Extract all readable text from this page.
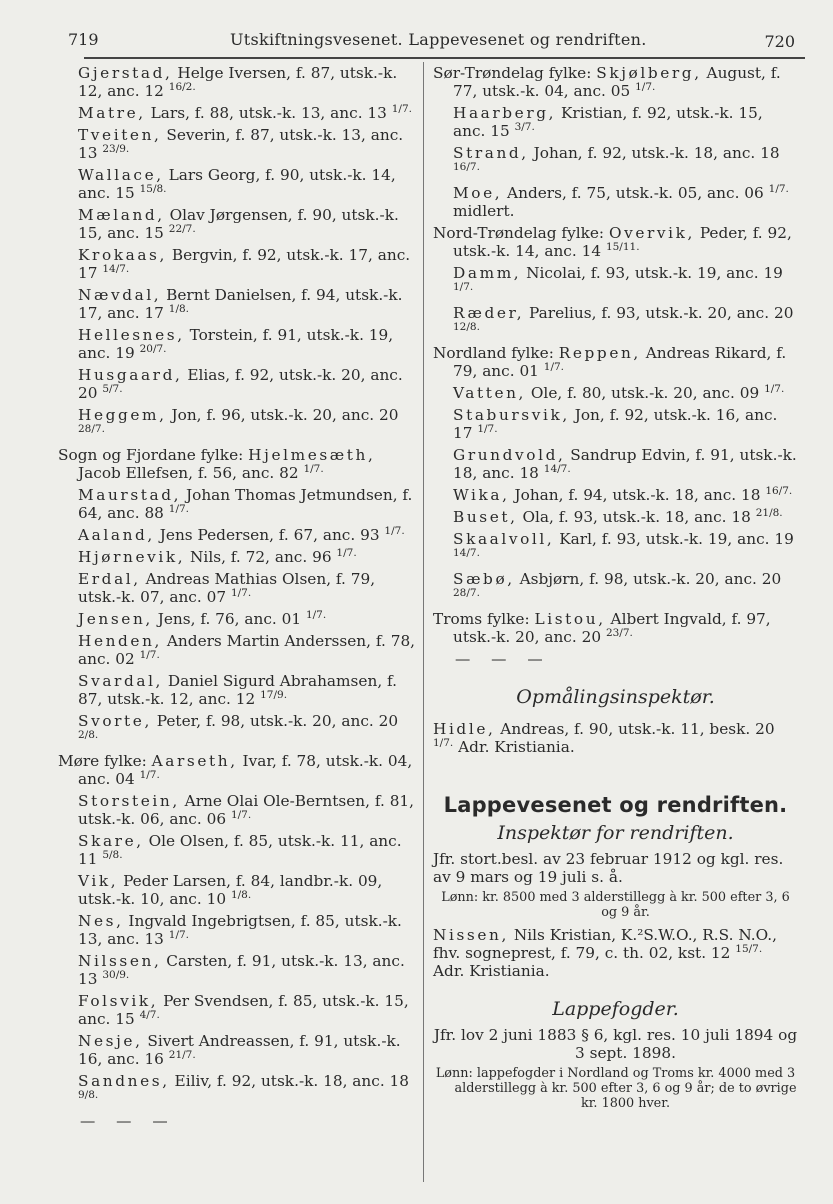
719	Utskiftningsvesenet. Lappevesenet og rendriften.	720
Gjerstad, Helge Iversen, f. 87, utsk.-k. 12, anc. 12 $^{16/2.}$
Matre, Lars, f. 88, utsk.-k. 13, anc. 13 $^{1/7.}$
Tveiten, Severin, f. 87, utsk.-k. 13, anc. 13 $^{23/9.}$
Wallace, Lars Georg, f. 90, utsk.-k. 14, anc. 15 $^{15/8.}$
Mæland, Olav Jørgensen, f. 90, utsk.-k. 15, anc. 15 $^{22/7.}$
Krokaas, Bergvin, f. 92, utsk.-k. 17, anc. 17 $^{14/7.}$
Nævdal, Bernt Danielsen, f. 94, utsk.-k. 17, anc. 17 $^{1/8.}$
Hellesnes, Torstein, f. 91, utsk.-k. 19, anc. 19 $^{20/7.}$
Husgaard, Elias, f. 92, utsk.-k. 20, anc. 20 $^{5/7.}$
Heggem, Jon, f. 96, utsk.-k. 20, anc. 20 $^{28/7.}$
Sogn og Fjordane fylke: Hjelmesæth, Jacob Ellefsen, f. 56, anc. 82 $^{1/7.}$
Maurstad, Johan Thomas Jetmundsen, f. 64, anc. 88 $^{1/7.}$
Aaland, Jens Pedersen, f. 67, anc. 93 $^{1/7.}$
Hjørnevik, Nils, f. 72, anc. 96 $^{1/7.}$
Erdal, Andreas Mathias Olsen, f. 79, utsk.-k. 07, anc. 07 $^{1/7.}$
Jensen, Jens, f. 76, anc. 01 $^{1/7.}$
Henden, Anders Martin Anderssen, f. 78, anc. 02 $^{1/7.}$
Svardal, Daniel Sigurd Abrahamsen, f. 87, utsk.-k. 12, anc. 12 $^{17/9.}$
Svorte, Peter, f. 98, utsk.-k. 20, anc. 20 $^{2/8.}$
Møre fylke: Aarseth, Ivar, f. 78, utsk.-k. 04, anc. 04 $^{1/7.}$
Storstein, Arne Olai Ole-Berntsen, f. 81, utsk.-k. 06, anc. 06 $^{1/7.}$
Skare, Ole Olsen, f. 85, utsk.-k. 11, anc. 11 $^{5/8.}$
Vik, Peder Larsen, f. 84, landbr.-k. 09, utsk.-k. 10, anc. 10 $^{1/8.}$
Nes, Ingvald Ingebrigtsen, f. 85, utsk.-k. 13, anc. 13 $^{1/7.}$
Nilssen, Carsten, f. 91, utsk.-k. 13, anc. 13 $^{30/9.}$
Folsvik, Per Svendsen, f. 85, utsk.-k. 15, anc. 15 $^{4/7.}$
Nesje, Sivert Andreassen, f. 91, utsk.-k. 16, anc. 16 $^{21/7.}$
Sandnes, Eiliv, f. 92, utsk.-k. 18, anc. 18 $^{9/8.}$
— — —
Sør-Trøndelag fylke: Skjølberg, August, f. 77, utsk.-k. 04, anc. 05 $^{1/7.}$
Haarberg, Kristian, f. 92, utsk.-k. 15, anc. 15 $^{3/7.}$
Strand, Johan, f. 92, utsk.-k. 18, anc. 18 $^{16/7.}$
Moe, Anders, f. 75, utsk.-k. 05, anc. 06 $^{1/7.}$ midlert.
Nord-Trøndelag fylke: Overvik, Peder, f. 92, utsk.-k. 14, anc. 14 $^{15/11.}$
Damm, Nicolai, f. 93, utsk.-k. 19, anc. 19 $^{1/7.}$
Ræder, Parelius, f. 93, utsk.-k. 20, anc. 20 $^{12/8.}$
Nordland fylke: Reppen, Andreas Rikard, f. 79, anc. 01 $^{1/7.}$
Vatten, Ole, f. 80, utsk.-k. 20, anc. 09 $^{1/7.}$
Stabursvik, Jon, f. 92, utsk.-k. 16, anc. 17 $^{1/7.}$
Grundvold, Sandrup Edvin, f. 91, utsk.-k. 18, anc. 18 $^{14/7.}$
Wika, Johan, f. 94, utsk.-k. 18, anc. 18 $^{16/7.}$
Buset, Ola, f. 93, utsk.-k. 18, anc. 18 $^{21/8.}$
Skaalvoll, Karl, f. 93, utsk.-k. 19, anc. 19 $^{14/7.}$
Sæbø, Asbjørn, f. 98, utsk.-k. 20, anc. 20 $^{28/7.}$
Troms fylke: Listou, Albert Ingvald, f. 97, utsk.-k. 20, anc. 20 $^{23/7.}$
— — —
Opmålingsinspektør.
Hidle, Andreas, f. 90, utsk.-k. 11, besk. 20 $^{1/7.}$ Adr. Kristiania.
Lappevesenet og rendriften.
Inspektør for rendriften.
Jfr. stort.besl. av 23 februar 1912 og kgl. res. av 9 mars og 19 juli s. å.
Lønn: kr. 8500 med 3 alderstillegg à kr. 500 efter 3, 6 og 9 år.
Nissen, Nils Kristian, K.²S.W.O., R.S. N.O., fhv. sogneprest, f. 79, c. th. 02, kst. 12 $^{15/7.}$ Adr. Kristiania.
Lappefogder.
Jfr. lov 2 juni 1883 § 6, kgl. res. 10 juli 1894 og 3 sept. 1898.
Lønn: lappefogder i Nordland og Troms kr. 4000 med 3 alderstillegg à kr. 500 efter 3, 6 og 9 år; de to øvrige kr. 1800 hver.
